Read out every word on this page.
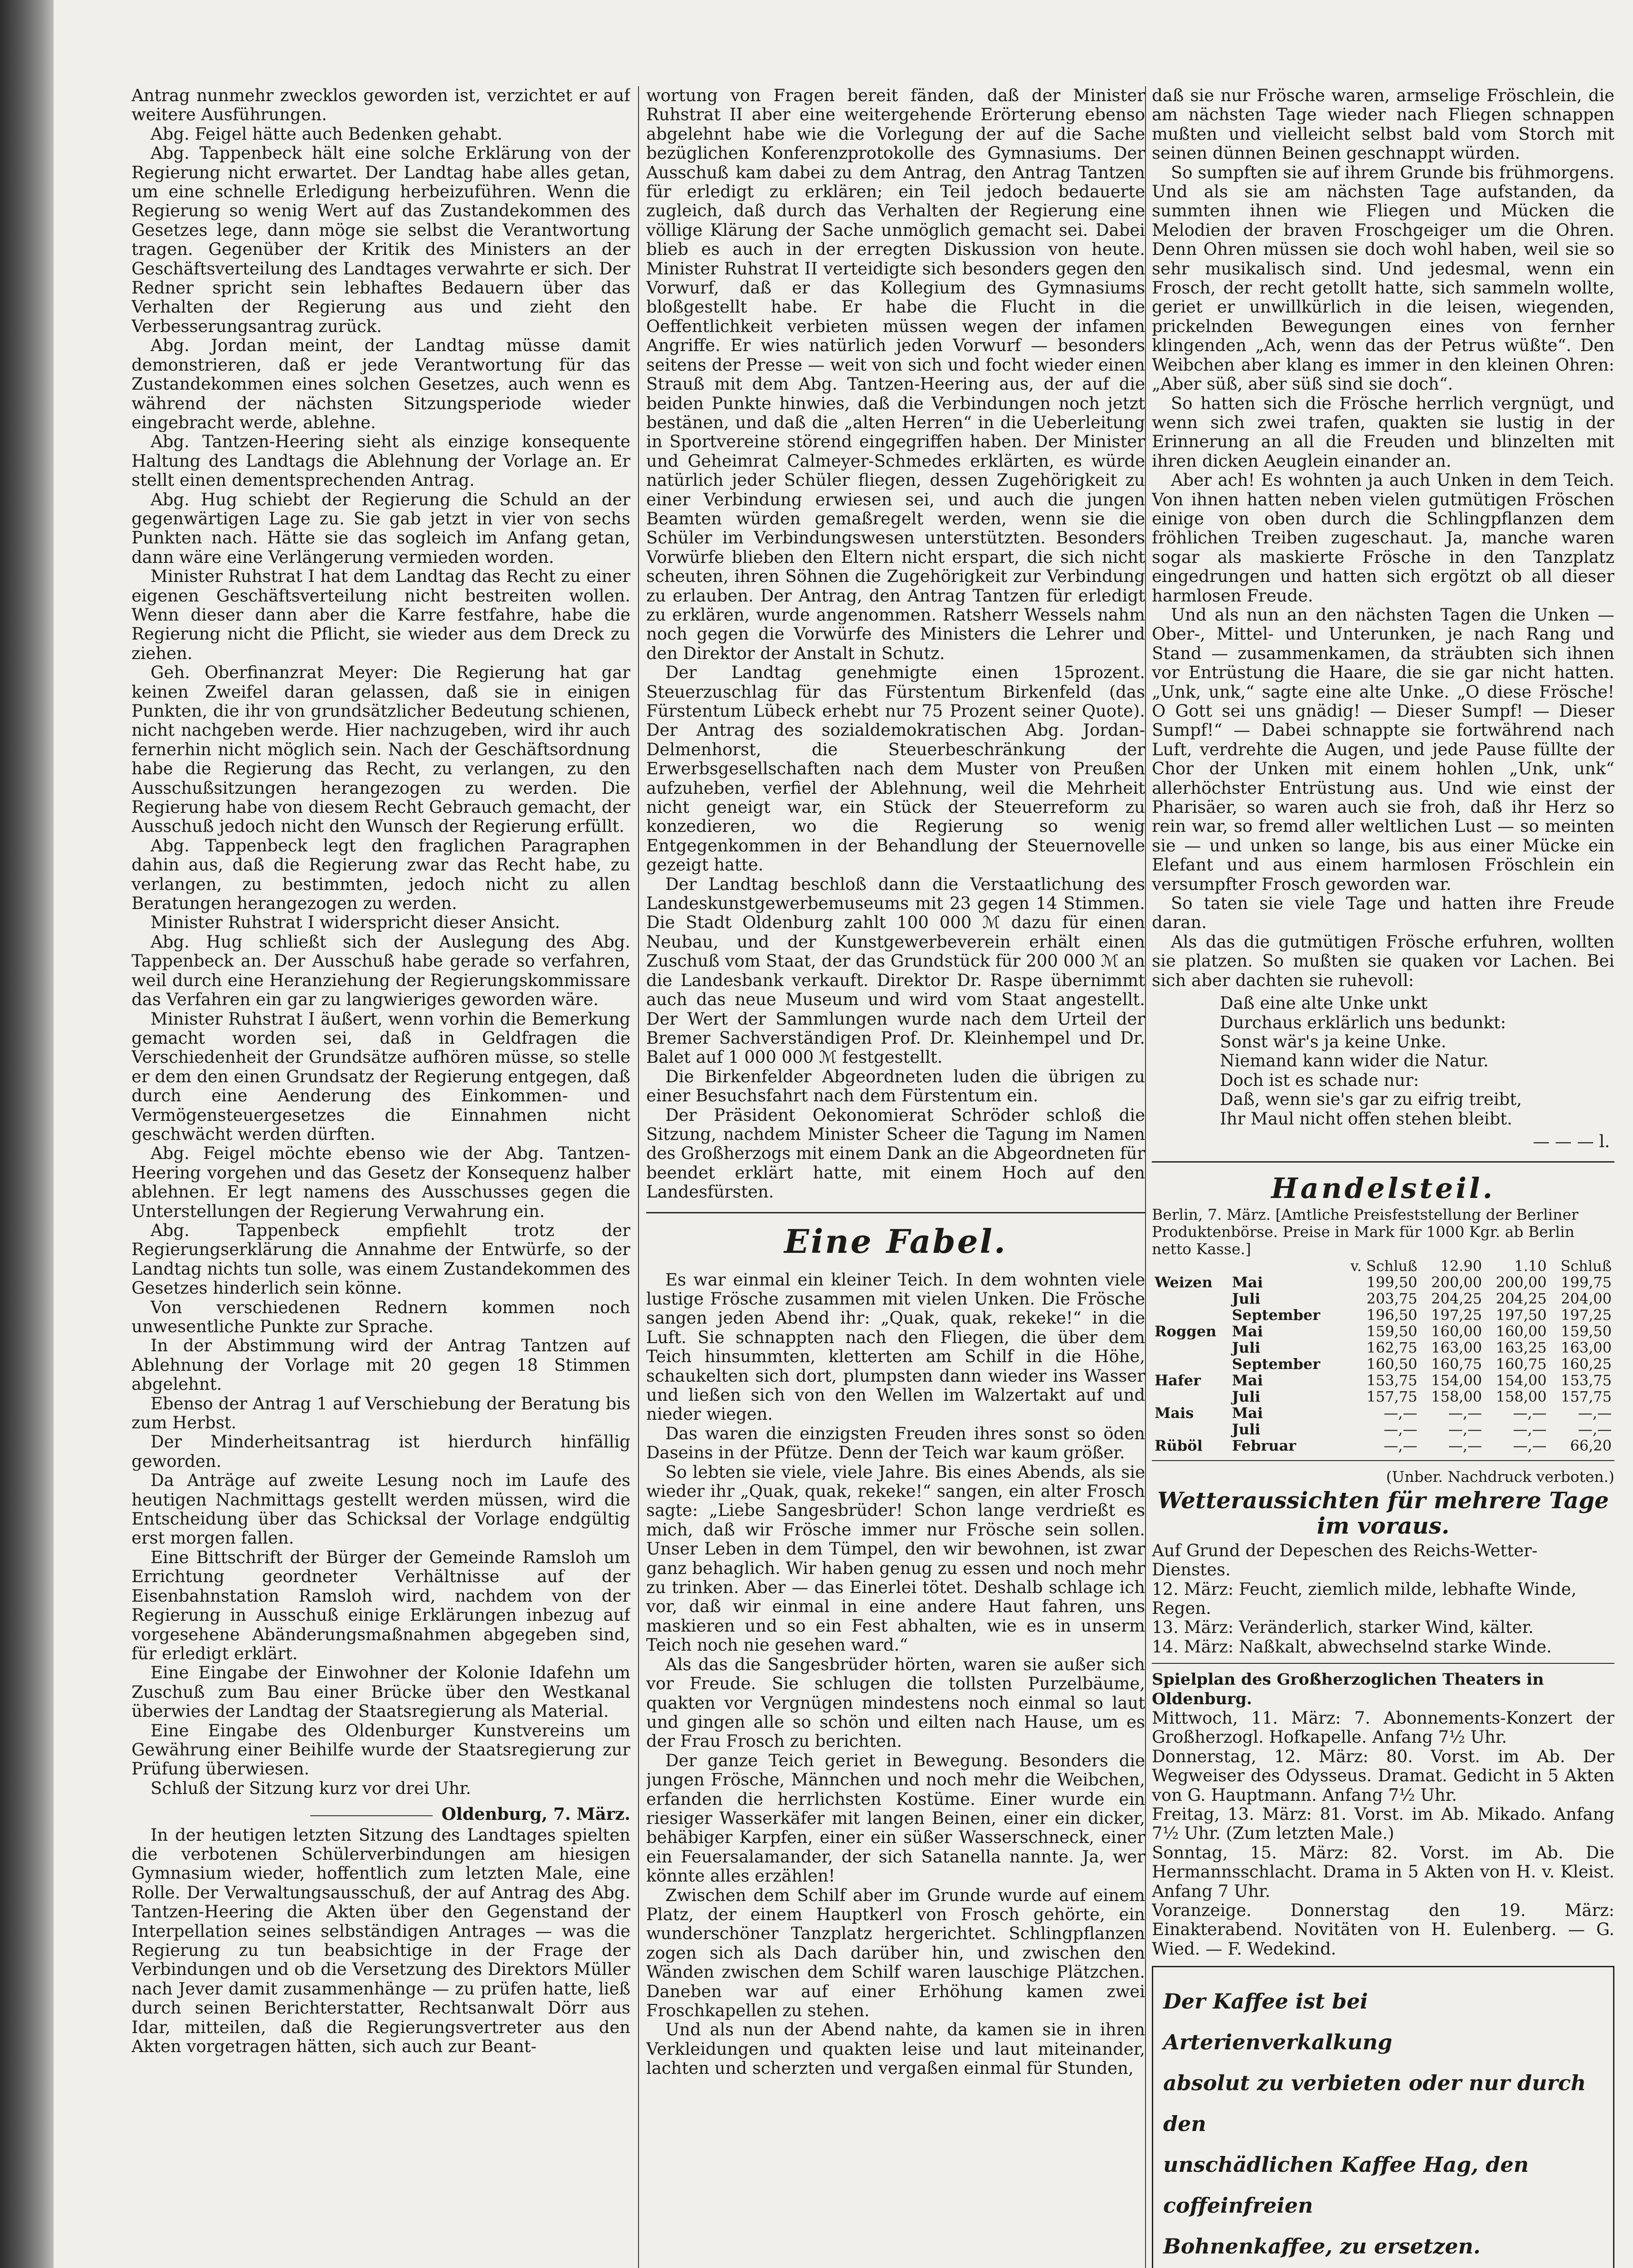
Antrag nunmehr zwecklos geworden ist, verzichtet er auf weitere Ausführungen.

Abg. Feigel hätte auch Bedenken gehabt.

Abg. Tappenbeck hält eine solche Erklärung von der Regierung nicht erwartet. Der Landtag habe alles getan, um eine schnelle Erledigung herbeizuführen. Wenn die Regierung so wenig Wert auf das Zustandekommen des Gesetzes lege, dann möge sie selbst die Verantwortung tragen. Gegenüber der Kritik des Ministers an der Geschäftsverteilung des Landtages verwahrte er sich. Der Redner spricht sein lebhaftes Bedauern über das Verhalten der Regierung aus und zieht den Verbesserungsantrag zurück.

Abg. Jordan meint, der Landtag müsse damit demonstrieren, daß er jede Verantwortung für das Zustandekommen eines solchen Gesetzes, auch wenn es während der nächsten Sitzungsperiode wieder eingebracht werde, ablehne.

Abg. Tantzen-Heering sieht als einzige konsequente Haltung des Landtags die Ablehnung der Vorlage an. Er stellt einen dementsprechenden Antrag.

Abg. Hug schiebt der Regierung die Schuld an der gegenwärtigen Lage zu. Sie gab jetzt in vier von sechs Punkten nach. Hätte sie das sogleich im Anfang getan, dann wäre eine Verlängerung vermieden worden.

Minister Ruhstrat I hat dem Landtag das Recht zu einer eigenen Geschäftsverteilung nicht bestreiten wollen. Wenn dieser dann aber die Karre festfahre, habe die Regierung nicht die Pflicht, sie wieder aus dem Dreck zu ziehen.

Geh. Oberfinanzrat Meyer: Die Regierung hat gar keinen Zweifel daran gelassen, daß sie in einigen Punkten, die ihr von grundsätzlicher Bedeutung schienen, nicht nachgeben werde. Hier nachzugeben, wird ihr auch fernerhin nicht möglich sein. Nach der Geschäftsordnung habe die Regierung das Recht, zu verlangen, zu den Ausschußsitzungen herangezogen zu werden. Die Regierung habe von diesem Recht Gebrauch gemacht, der Ausschuß jedoch nicht den Wunsch der Regierung erfüllt.

Abg. Tappenbeck legt den fraglichen Paragraphen dahin aus, daß die Regierung zwar das Recht habe, zu verlangen, zu bestimmten, jedoch nicht zu allen Beratungen herangezogen zu werden.

Minister Ruhstrat I widerspricht dieser Ansicht.

Abg. Hug schließt sich der Auslegung des Abg. Tappenbeck an. Der Ausschuß habe gerade so verfahren, weil durch eine Heranziehung der Regierungskommissare das Verfahren ein gar zu langwieriges geworden wäre.

Minister Ruhstrat I äußert, wenn vorhin die Bemerkung gemacht worden sei, daß in Geldfragen die Verschiedenheit der Grundsätze aufhören müsse, so stelle er dem den einen Grundsatz der Regierung entgegen, daß durch eine Aenderung des Einkommen- und Vermögensteuergesetzes die Einnahmen nicht geschwächt werden dürften.

Abg. Feigel möchte ebenso wie der Abg. Tantzen-Heering vorgehen und das Gesetz der Konsequenz halber ablehnen. Er legt namens des Ausschusses gegen die Unterstellungen der Regierung Verwahrung ein.

Abg. Tappenbeck empfiehlt trotz der Regierungserklärung die Annahme der Entwürfe, so der Landtag nichts tun solle, was einem Zustandekommen des Gesetzes hinderlich sein könne.

Von verschiedenen Rednern kommen noch unwesentliche Punkte zur Sprache.

In der Abstimmung wird der Antrag Tantzen auf Ablehnung der Vorlage mit 20 gegen 18 Stimmen abgelehnt.

Ebenso der Antrag 1 auf Verschiebung der Beratung bis zum Herbst.

Der Minderheitsantrag ist hierdurch hinfällig geworden.

Da Anträge auf zweite Lesung noch im Laufe des heutigen Nachmittags gestellt werden müssen, wird die Entscheidung über das Schicksal der Vorlage endgültig erst morgen fallen.

Eine Bittschrift der Bürger der Gemeinde Ramsloh um Errichtung geordneter Verhältnisse auf der Eisenbahnstation Ramsloh wird, nachdem von der Regierung in Ausschuß einige Erklärungen inbezug auf vorgesehene Abänderungsmaßnahmen abgegeben sind, für erledigt erklärt.

Eine Eingabe der Einwohner der Kolonie Idafehn um Zuschuß zum Bau einer Brücke über den Westkanal überwies der Landtag der Staatsregierung als Material.

Eine Eingabe des Oldenburger Kunstvereins um Gewährung einer Beihilfe wurde der Staatsregierung zur Prüfung überwiesen.

Schluß der Sitzung kurz vor drei Uhr.

Oldenburg, 7. März.

In der heutigen letzten Sitzung des Landtages spielten die verbotenen Schülerverbindungen am hiesigen Gymnasium wieder, hoffentlich zum letzten Male, eine Rolle. Der Verwaltungsausschuß, der auf Antrag des Abg. Tantzen-Heering die Akten über den Gegenstand der Interpellation seines selbständigen Antrages — was die Regierung zu tun beabsichtige in der Frage der Verbindungen und ob die Versetzung des Direktors Müller nach Jever damit zusammenhänge — zu prüfen hatte, ließ durch seinen Berichterstatter, Rechtsanwalt Dörr aus Idar, mitteilen, daß die Regierungsvertreter aus den Akten vorgetragen hätten, sich auch zur Beant-

wortung von Fragen bereit fänden, daß der Minister Ruhstrat II aber eine weitergehende Erörterung ebenso abgelehnt habe wie die Vorlegung der auf die Sache bezüglichen Konferenzprotokolle des Gymnasiums. Der Ausschuß kam dabei zu dem Antrag, den Antrag Tantzen für erledigt zu erklären; ein Teil jedoch bedauerte zugleich, daß durch das Verhalten der Regierung eine völlige Klärung der Sache unmöglich gemacht sei. Dabei blieb es auch in der erregten Diskussion von heute. Minister Ruhstrat II verteidigte sich besonders gegen den Vorwurf, daß er das Kollegium des Gymnasiums bloßgestellt habe. Er habe die Flucht in die Oeffentlichkeit verbieten müssen wegen der infamen Angriffe. Er wies natürlich jeden Vorwurf — besonders seitens der Presse — weit von sich und focht wieder einen Strauß mit dem Abg. Tantzen-Heering aus, der auf die beiden Punkte hinwies, daß die Verbindungen noch jetzt bestänen, und daß die „alten Herren“ in die Ueberleitung in Sportvereine störend eingegriffen haben. Der Minister und Geheimrat Calmeyer-Schmedes erklärten, es würde natürlich jeder Schüler fliegen, dessen Zugehörigkeit zu einer Verbindung erwiesen sei, und auch die jungen Beamten würden gemaßregelt werden, wenn sie die Schüler im Verbindungswesen unterstützten. Besonders Vorwürfe blieben den Eltern nicht erspart, die sich nicht scheuten, ihren Söhnen die Zugehörigkeit zur Verbindung zu erlauben. Der Antrag, den Antrag Tantzen für erledigt zu erklären, wurde angenommen. Ratsherr Wessels nahm noch gegen die Vorwürfe des Ministers die Lehrer und den Direktor der Anstalt in Schutz.

Der Landtag genehmigte einen 15prozent. Steuerzuschlag für das Fürstentum Birkenfeld (das Fürstentum Lübeck erhebt nur 75 Prozent seiner Quote). Der Antrag des sozialdemokratischen Abg. Jordan-Delmenhorst, die Steuerbeschränkung der Erwerbsgesellschaften nach dem Muster von Preußen aufzuheben, verfiel der Ablehnung, weil die Mehrheit nicht geneigt war, ein Stück der Steuerreform zu konzedieren, wo die Regierung so wenig Entgegenkommen in der Behandlung der Steuernovelle gezeigt hatte.

Der Landtag beschloß dann die Verstaatlichung des Landeskunstgewerbemuseums mit 23 gegen 14 Stimmen. Die Stadt Oldenburg zahlt 100 000 ℳ dazu für einen Neubau, und der Kunstgewerbeverein erhält einen Zuschuß vom Staat, der das Grundstück für 200 000 ℳ an die Landesbank verkauft. Direktor Dr. Raspe übernimmt auch das neue Museum und wird vom Staat angestellt. Der Wert der Sammlungen wurde nach dem Urteil der Bremer Sachverständigen Prof. Dr. Kleinhempel und Dr. Balet auf 1 000 000 ℳ festgestellt.

Die Birkenfelder Abgeordneten luden die übrigen zu einer Besuchsfahrt nach dem Fürstentum ein.

Der Präsident Oekonomierat Schröder schloß die Sitzung, nachdem Minister Scheer die Tagung im Namen des Großherzogs mit einem Dank an die Abgeordneten für beendet erklärt hatte, mit einem Hoch auf den Landesfürsten.

Eine Fabel.

Es war einmal ein kleiner Teich. In dem wohnten viele lustige Frösche zusammen mit vielen Unken. Die Frösche sangen jeden Abend ihr: „Quak, quak, rekeke!“ in die Luft. Sie schnappten nach den Fliegen, die über dem Teich hinsummten, kletterten am Schilf in die Höhe, schaukelten sich dort, plumpsten dann wieder ins Wasser und ließen sich von den Wellen im Walzertakt auf und nieder wiegen.

Das waren die einzigsten Freuden ihres sonst so öden Daseins in der Pfütze. Denn der Teich war kaum größer.

So lebten sie viele, viele Jahre. Bis eines Abends, als sie wieder ihr „Quak, quak, rekeke!“ sangen, ein alter Frosch sagte: „Liebe Sangesbrüder! Schon lange verdrießt es mich, daß wir Frösche immer nur Frösche sein sollen. Unser Leben in dem Tümpel, den wir bewohnen, ist zwar ganz behaglich. Wir haben genug zu essen und noch mehr zu trinken. Aber — das Einerlei tötet. Deshalb schlage ich vor, daß wir einmal in eine andere Haut fahren, uns maskieren und so ein Fest abhalten, wie es in unserm Teich noch nie gesehen ward.“

Als das die Sangesbrüder hörten, waren sie außer sich vor Freude. Sie schlugen die tollsten Purzelbäume, quakten vor Vergnügen mindestens noch einmal so laut und gingen alle so schön und eilten nach Hause, um es der Frau Frosch zu berichten.

Der ganze Teich geriet in Bewegung. Besonders die jungen Frösche, Männchen und noch mehr die Weibchen, erfanden die herrlichsten Kostüme. Einer wurde ein riesiger Wasserkäfer mit langen Beinen, einer ein dicker, behäbiger Karpfen, einer ein süßer Wasserschneck, einer ein Feuersalamander, der sich Satanella nannte. Ja, wer könnte alles erzählen!

Zwischen dem Schilf aber im Grunde wurde auf einem Platz, der einem Hauptkerl von Frosch gehörte, ein wunderschöner Tanzplatz hergerichtet. Schlingpflanzen zogen sich als Dach darüber hin, und zwischen den Wänden zwischen dem Schilf waren lauschige Plätzchen. Daneben war auf einer Erhöhung kamen zwei Froschkapellen zu stehen.

Und als nun der Abend nahte, da kamen sie in ihren Verkleidungen und quakten leise und laut miteinander, lachten und scherzten und vergaßen einmal für Stunden,

daß sie nur Frösche waren, armselige Fröschlein, die am nächsten Tage wieder nach Fliegen schnappen mußten und vielleicht selbst bald vom Storch mit seinen dünnen Beinen geschnappt würden.

So sumpften sie auf ihrem Grunde bis frühmorgens. Und als sie am nächsten Tage aufstanden, da summten ihnen wie Fliegen und Mücken die Melodien der braven Froschgeiger um die Ohren. Denn Ohren müssen sie doch wohl haben, weil sie so sehr musikalisch sind. Und jedesmal, wenn ein Frosch, der recht getollt hatte, sich sammeln wollte, geriet er unwillkürlich in die leisen, wiegenden, prickelnden Bewegungen eines von fernher klingenden „Ach, wenn das der Petrus wüßte“. Den Weibchen aber klang es immer in den kleinen Ohren: „Aber süß, aber süß sind sie doch“.

So hatten sich die Frösche herrlich vergnügt, und wenn sich zwei trafen, quakten sie lustig in der Erinnerung an all die Freuden und blinzelten mit ihren dicken Aeuglein einander an.

Aber ach! Es wohnten ja auch Unken in dem Teich. Von ihnen hatten neben vielen gutmütigen Fröschen einige von oben durch die Schlingpflanzen dem fröhlichen Treiben zugeschaut. Ja, manche waren sogar als maskierte Frösche in den Tanzplatz eingedrungen und hatten sich ergötzt ob all dieser harmlosen Freude.

Und als nun an den nächsten Tagen die Unken — Ober-, Mittel- und Unterunken, je nach Rang und Stand — zusammenkamen, da sträubten sich ihnen vor Entrüstung die Haare, die sie gar nicht hatten. „Unk, unk,“ sagte eine alte Unke. „O diese Frösche! O Gott sei uns gnädig! — Dieser Sumpf! — Dieser Sumpf!“ — Dabei schnappte sie fortwährend nach Luft, verdrehte die Augen, und jede Pause füllte der Chor der Unken mit einem hohlen „Unk, unk“ allerhöchster Entrüstung aus. Und wie einst der Pharisäer, so waren auch sie froh, daß ihr Herz so rein war, so fremd aller weltlichen Lust — so meinten sie — und unken so lange, bis aus einer Mücke ein Elefant und aus einem harmlosen Fröschlein ein versumpfter Frosch geworden war.

So taten sie viele Tage und hatten ihre Freude daran.

Als das die gutmütigen Frösche erfuhren, wollten sie platzen. So mußten sie quaken vor Lachen. Bei sich aber dachten sie ruhevoll:

Daß eine alte Unke unkt
Durchaus erklärlich uns bedunkt:
Sonst wär's ja keine Unke.
Niemand kann wider die Natur.
Doch ist es schade nur:
Daß, wenn sie's gar zu eifrig treibt,
Ihr Maul nicht offen stehen bleibt.
— — — l.
Handelsteil.
Berlin, 7. März. [Amtliche Preisfeststellung der Berliner Produktenbörse. Preise in Mark für 1000 Kgr. ab Berlin netto Kasse.]
		v. Schluß	12.90	1.10	Schluß
Weizen	Mai	199,50	200,00	200,00	199,75
	Juli	203,75	204,25	204,25	204,00
	September	196,50	197,25	197,50	197,25
Roggen	Mai	159,50	160,00	160,00	159,50
	Juli	162,75	163,00	163,25	163,00
	September	160,50	160,75	160,75	160,25
Hafer	Mai	153,75	154,00	154,00	153,75
	Juli	157,75	158,00	158,00	157,75
Mais	Mai	—,—	—,—	—,—	—,—
	Juli	—,—	—,—	—,—	—,—
Rüböl	Februar	—,—	—,—	—,—	66,20
(Unber. Nachdruck verboten.)
Wetteraussichten für mehrere Tage im voraus.
Auf Grund der Depeschen des Reichs-Wetter-Dienstes.
12. März: Feucht, ziemlich milde, lebhafte Winde, Regen.
13. März: Veränderlich, starker Wind, kälter.
14. März: Naßkalt, abwechselnd starke Winde.
Spielplan des Großherzoglichen Theaters in Oldenburg.

Mittwoch, 11. März: 7. Abonnements-Konzert der Großherzogl. Hofkapelle. Anfang 7½ Uhr.

Donnerstag, 12. März: 80. Vorst. im Ab. Der Wegweiser des Odysseus. Dramat. Gedicht in 5 Akten von G. Hauptmann. Anfang 7½ Uhr.

Freitag, 13. März: 81. Vorst. im Ab. Mikado. Anfang 7½ Uhr. (Zum letzten Male.)

Sonntag, 15. März: 82. Vorst. im Ab. Die Hermannsschlacht. Drama in 5 Akten von H. v. Kleist. Anfang 7 Uhr.

Voranzeige. Donnerstag den 19. März: Einakterabend. Novitäten von H. Eulenberg. — G. Wied. — F. Wedekind.

Der Kaffee ist bei Arterienverkalkung
absolut zu verbieten oder nur durch den
unschädlichen Kaffee Hag, den coffeinfreien
Bohnenkaffee, zu ersetzen.
